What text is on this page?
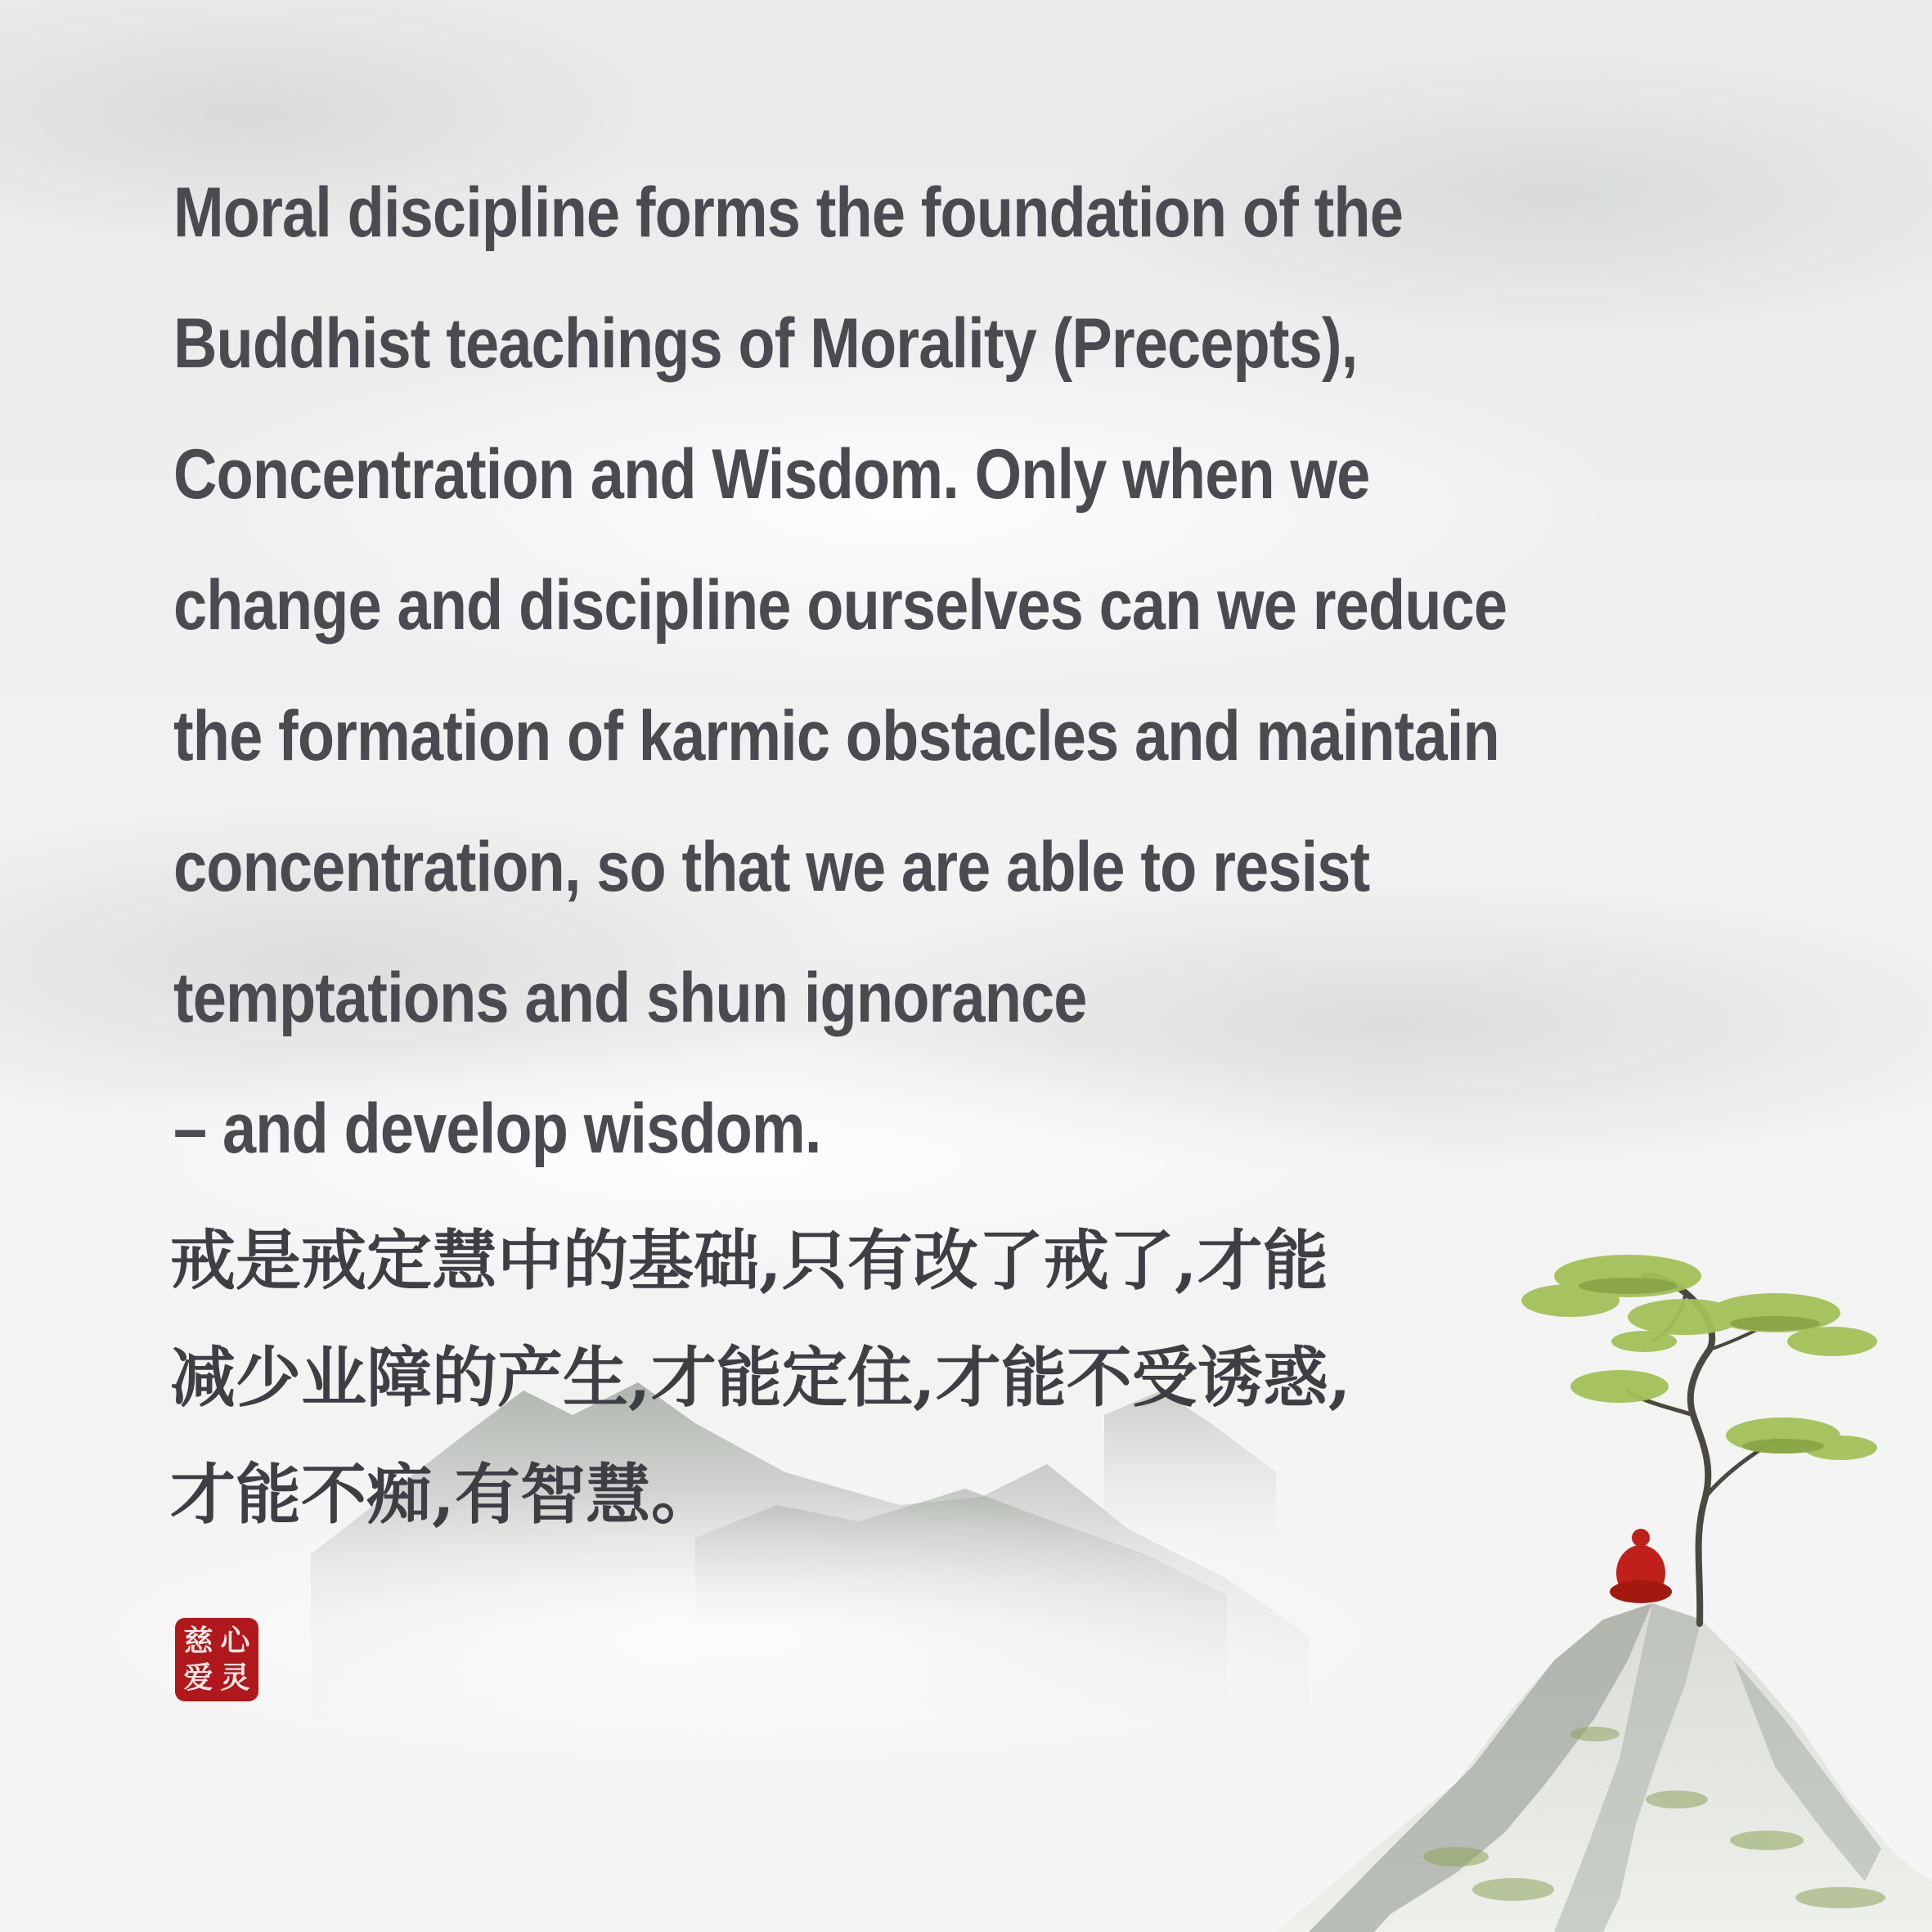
Moral discipline forms the foundation of the
Buddhist teachings of Morality (Precepts),
Concentration and Wisdom. Only when we
change and discipline ourselves can we reduce
the formation of karmic obstacles and maintain
concentration, so that we are able to resist
temptations and shun ignorance
– and develop wisdom.
戒是戒定慧中的基础,只有改了戒了,才能
减少业障的产生,才能定住,才能不受诱惑,
才能不痴,有智慧。
慈 心
爱 灵
